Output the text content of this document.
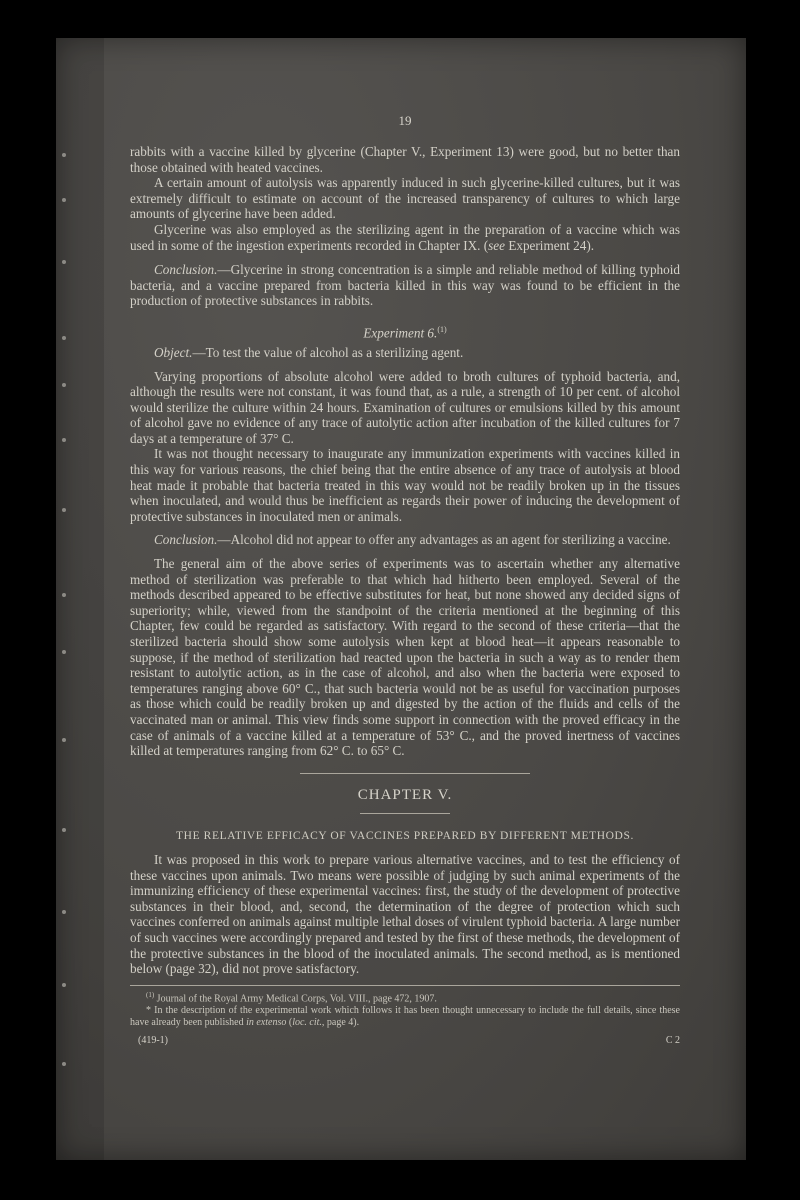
19

rabbits with a vaccine killed by glycerine (Chapter V., Experiment 13) were good, but no better than those obtained with heated vaccines.

A certain amount of autolysis was apparently induced in such glycerine-killed cultures, but it was extremely difficult to estimate on account of the increased transparency of cultures to which large amounts of glycerine have been added.

Glycerine was also employed as the sterilizing agent in the preparation of a vaccine which was used in some of the ingestion experiments recorded in Chapter IX. (see Experiment 24).

Conclusion.—Glycerine in strong concentration is a simple and reliable method of killing typhoid bacteria, and a vaccine prepared from bacteria killed in this way was found to be efficient in the production of protective substances in rabbits.

Experiment 6.$^{(1)}$

Object.—To test the value of alcohol as a sterilizing agent.

Varying proportions of absolute alcohol were added to broth cultures of typhoid bacteria, and, although the results were not constant, it was found that, as a rule, a strength of 10 per cent. of alcohol would sterilize the culture within 24 hours. Examination of cultures or emulsions killed by this amount of alcohol gave no evidence of any trace of autolytic action after incubation of the killed cultures for 7 days at a temperature of 37° C.

It was not thought necessary to inaugurate any immunization experiments with vaccines killed in this way for various reasons, the chief being that the entire absence of any trace of autolysis at blood heat made it probable that bacteria treated in this way would not be readily broken up in the tissues when inoculated, and would thus be inefficient as regards their power of inducing the development of protective substances in inoculated men or animals.

Conclusion.—Alcohol did not appear to offer any advantages as an agent for sterilizing a vaccine.

The general aim of the above series of experiments was to ascertain whether any alternative method of sterilization was preferable to that which had hitherto been employed. Several of the methods described appeared to be effective substitutes for heat, but none showed any decided signs of superiority; while, viewed from the standpoint of the criteria mentioned at the beginning of this Chapter, few could be regarded as satisfactory. With regard to the second of these criteria—that the sterilized bacteria should show some autolysis when kept at blood heat—it appears reasonable to suppose, if the method of sterilization had reacted upon the bacteria in such a way as to render them resistant to autolytic action, as in the case of alcohol, and also when the bacteria were exposed to temperatures ranging above 60° C., that such bacteria would not be as useful for vaccination purposes as those which could be readily broken up and digested by the action of the fluids and cells of the vaccinated man or animal. This view finds some support in connection with the proved efficacy in the case of animals of a vaccine killed at a temperature of 53° C., and the proved inertness of vaccines killed at temperatures ranging from 62° C. to 65° C.

CHAPTER V.

THE RELATIVE EFFICACY OF VACCINES PREPARED BY DIFFERENT METHODS.

It was proposed in this work to prepare various alternative vaccines, and to test the efficiency of these vaccines upon animals. Two means were possible of judging by such animal experiments of the immunizing efficiency of these experimental vaccines: first, the study of the development of protective substances in their blood, and, second, the determination of the degree of protection which such vaccines conferred on animals against multiple lethal doses of virulent typhoid bacteria. A large number of such vaccines were accordingly prepared and tested by the first of these methods, the development of the protective substances in the blood of the inoculated animals. The second method, as is mentioned below (page 32), did not prove satisfactory.

$^{(1)}$ Journal of the Royal Army Medical Corps, Vol. VIII., page 472, 1907.

* In the description of the experimental work which follows it has been thought unnecessary to include the full details, since these have already been published in extenso (loc. cit., page 4).

(419-1)	C 2
